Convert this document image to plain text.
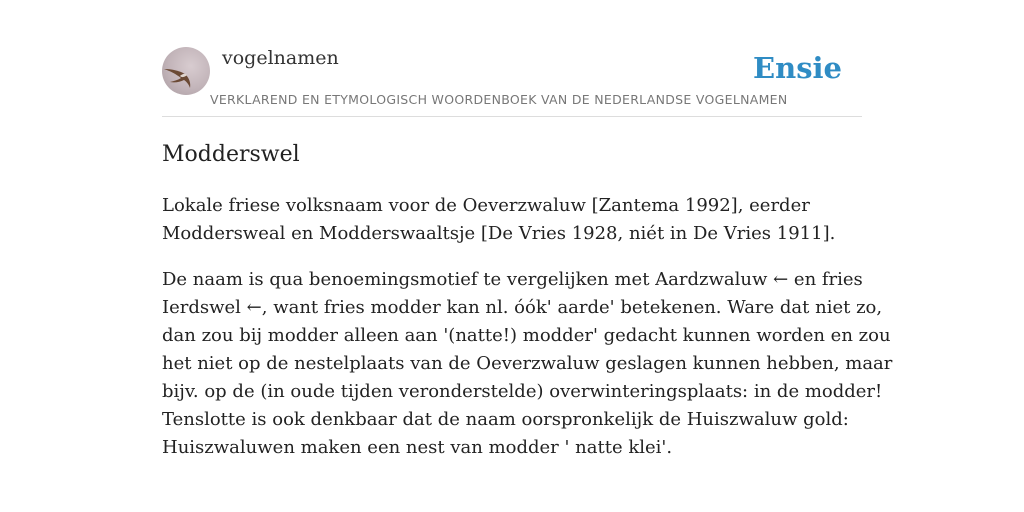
vogelnamen
VERKLAREND EN ETYMOLOGISCH WOORDENBOEK VAN DE NEDERLANDSE VOGELNAMEN
Ensie
Modderswel

Lokale friese volksnaam voor de Oeverzwaluw [Zantema 1992], eerder
Moddersweal en Modderswaaltsje [De Vries 1928, niét in De Vries 1911].

De naam is qua benoemingsmotief te vergelijken met Aardzwaluw ← en fries
Ierdswel ←, want fries modder kan nl. óók' aarde' betekenen. Ware dat niet zo,
dan zou bij modder alleen aan '(natte!) modder' gedacht kunnen worden en zou
het niet op de nestelplaats van de Oeverzwaluw geslagen kunnen hebben, maar
bijv. op de (in oude tijden veronderstelde) overwinteringsplaats: in de modder!
Tenslotte is ook denkbaar dat de naam oorspronkelijk de Huiszwaluw gold:
Huiszwaluwen maken een nest van modder ' natte klei'.
